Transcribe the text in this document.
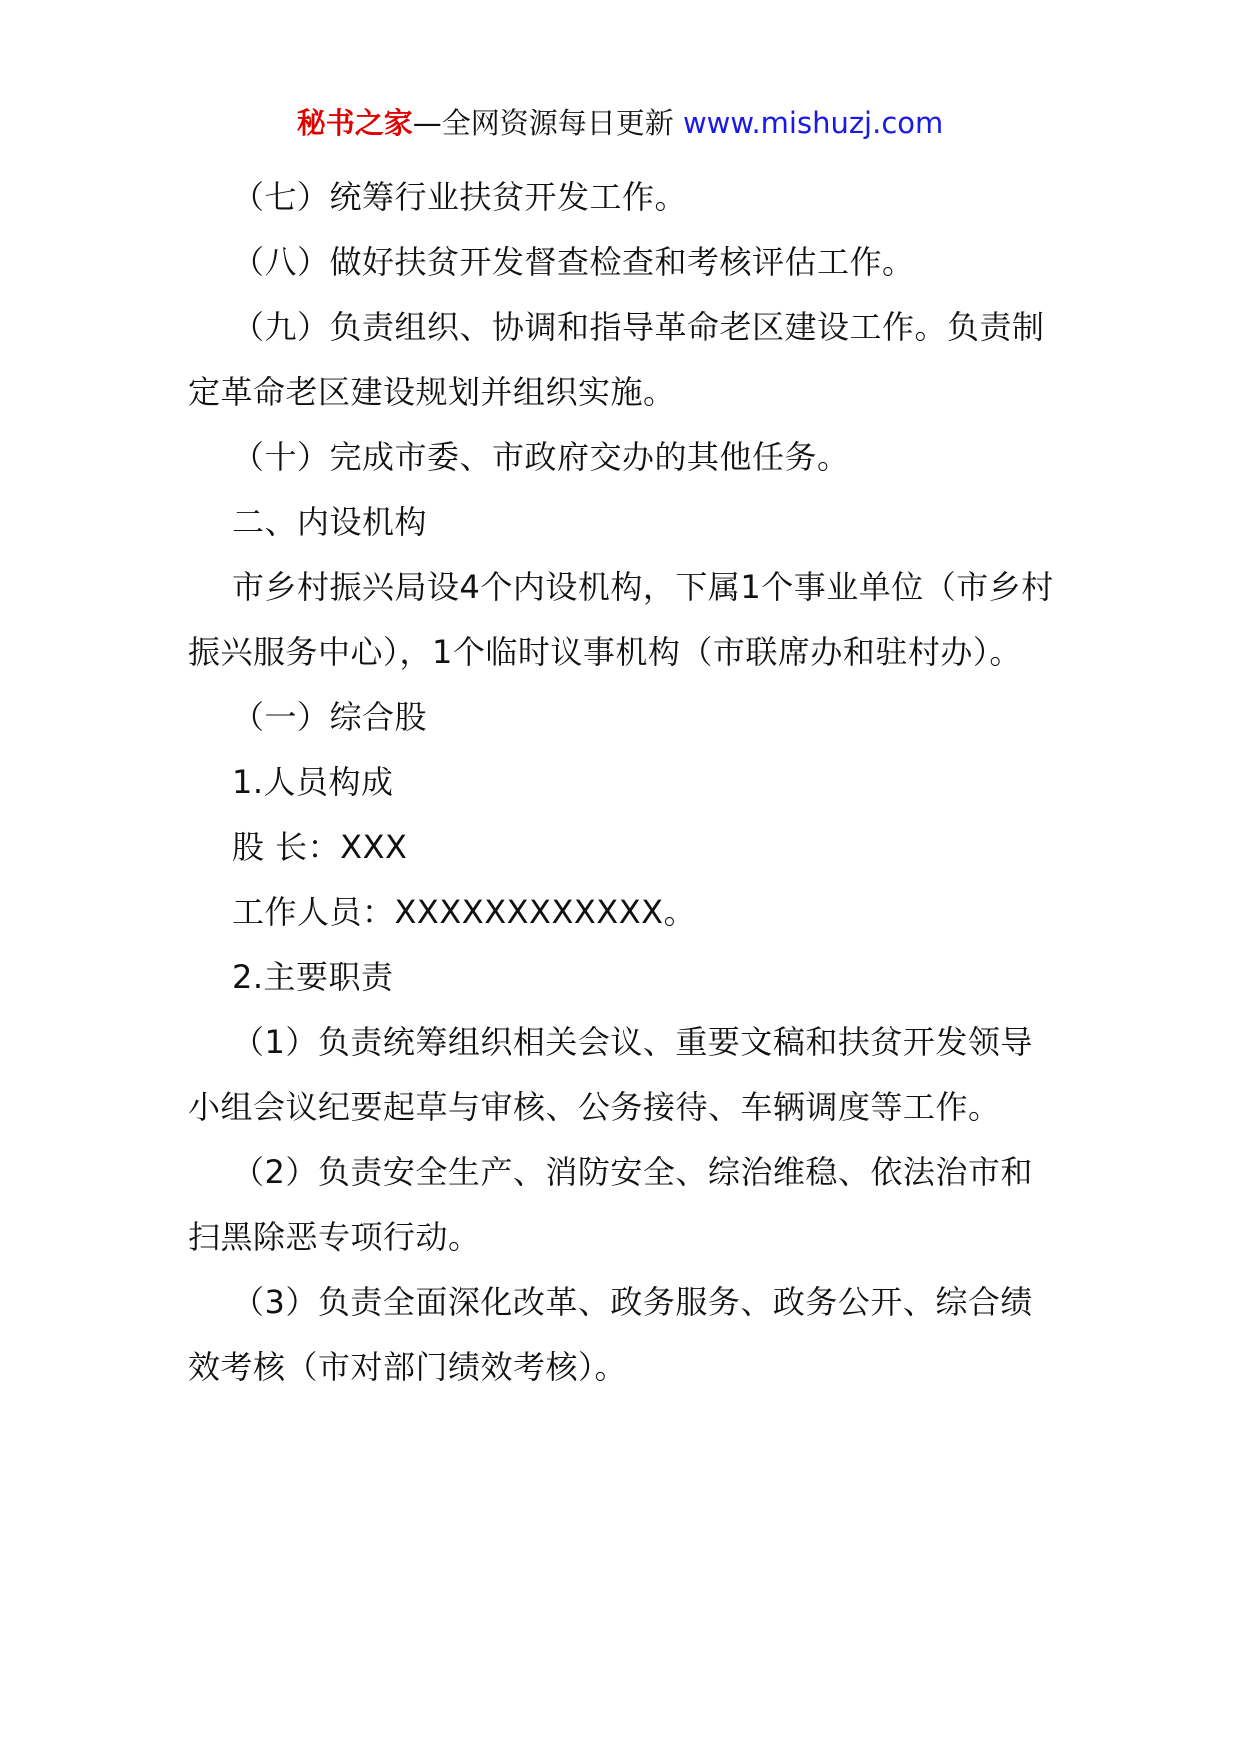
秘书之家—全网资源每日更新 www.mishuzj.com

（七）统筹行业扶贫开发工作。

（八）做好扶贫开发督查检查和考核评估工作。

（九）负责组织、协调和指导革命老区建设工作。负责制定革命老区建设规划并组织实施。

（十）完成市委、市政府交办的其他任务。

二、内设机构

市乡村振兴局设4个内设机构，下属1个事业单位（市乡村振兴服务中心），1个临时议事机构（市联席办和驻村办）。

（一）综合股

1.人员构成

股 长：XXX

工作人员：XXXXXXXXXXXX。

2.主要职责

（1）负责统筹组织相关会议、重要文稿和扶贫开发领导小组会议纪要起草与审核、公务接待、车辆调度等工作。

（2）负责安全生产、消防安全、综治维稳、依法治市和扫黑除恶专项行动。

（3）负责全面深化改革、政务服务、政务公开、综合绩效考核（市对部门绩效考核）。
